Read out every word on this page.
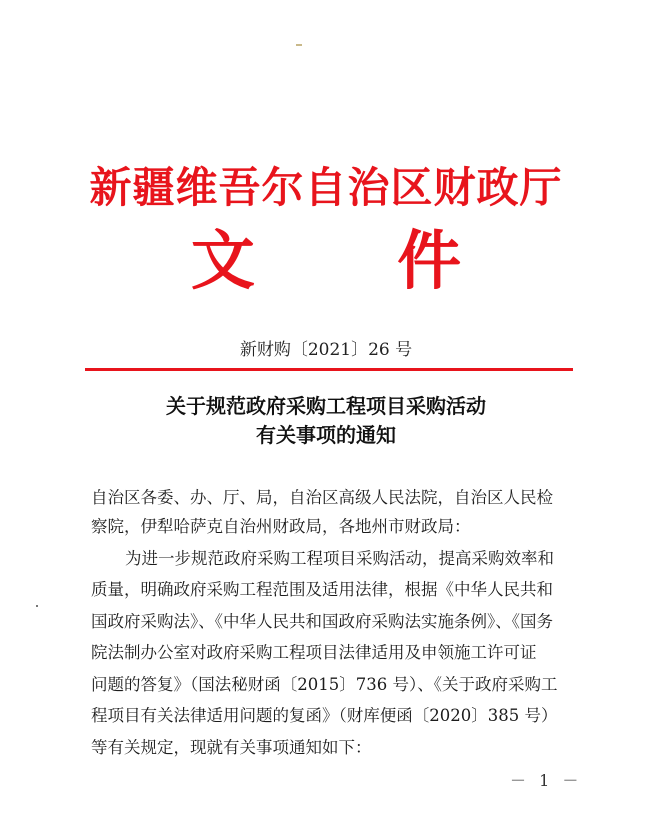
新疆维吾尔自治区财政厅
文 件
新财购〔2021〕26 号
关于规范政府采购工程项目采购活动
有关事项的通知
自治区各委、办、厅、局，自治区高级人民法院，自治区人民检
察院，伊犁哈萨克自治州财政局，各地州市财政局：
为进一步规范政府采购工程项目采购活动，提高采购效率和
质量，明确政府采购工程范围及适用法律，根据《中华人民共和
国政府采购法》、《中华人民共和国政府采购法实施条例》、《国务
院法制办公室对政府采购工程项目法律适用及申领施工许可证
问题的答复》（国法秘财函〔2015〕736 号）、《关于政府采购工
程项目有关法律适用问题的复函》（财库便函〔2020〕385 号）
等有关规定，现就有关事项通知如下：
－ 1 －
